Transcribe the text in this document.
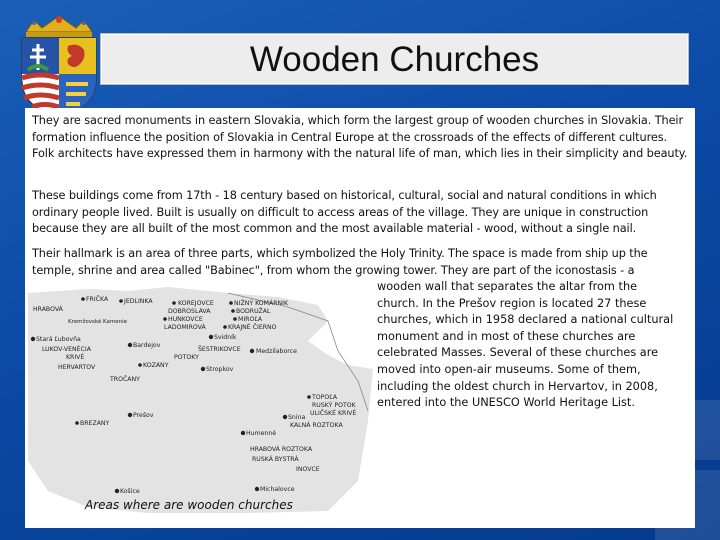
Wooden Churches

They are sacred monuments in eastern Slovakia, which form the largest group of wooden churches in Slovakia. Their formation influence the position of Slovakia in Central Europe at the crossroads of the effects of different cultures. Folk architects have expressed them in harmony with the natural life of man, which lies in their simplicity and beauty.

These buildings come from 17th - 18 century based on historical, cultural, social and natural conditions in which ordinary people lived. Built is usually on difficult to access areas of the village. They are unique in construction because they are all built of the most common and the most available material - wood, without a single nail.

Their hallmark is an area of three parts, which symbolized the Holy Trinity. The space is made from ship up the temple, shrine and area called "Babinec", from whom the growing tower. They are part of the iconostasis - a

wooden wall that separates the altar from the church. In the Prešov region is located 27 these churches, which in 1958 declared a national cultural monument and in most of these churches are celebrated Masses. Several of these churches are moved into open-air museums. Some of them, including the oldest church in Hervartov, in 2008, entered into the UNESCO World Heritage List.

FRIČKA	JEDLINKA
HRABOVÁ
Kremžovské Kamenie
KOREJOVCE
DOBROSLAVA
NIŽNÝ KOMÁRNIK
BODRUŽAL
HUNKOVCE	MIROĽA
LADOMIROVÁ	KRAJNÉ ČIERNO
Stará Ľubovňa
LUKOV-VENÉCIA
KOZANY
Svidník
ŠESTRIKOVCE Medzilaborce
KRIVÉ
Bardejov
POTOKY
HERVARTOV	Stropkov
TROČANY
TOPOĽA
RUSKÝ POTOK
ULIČSKÉ KRIVÉ
Prešov	Snina
KALNÁ ROZTOKA
BREZANY
Humenné
HRABOVÁ ROZTOKA
RUSKÁ BYSTRÁ
INOVCE
Košice	Michalovce
Areas where are wooden churches
